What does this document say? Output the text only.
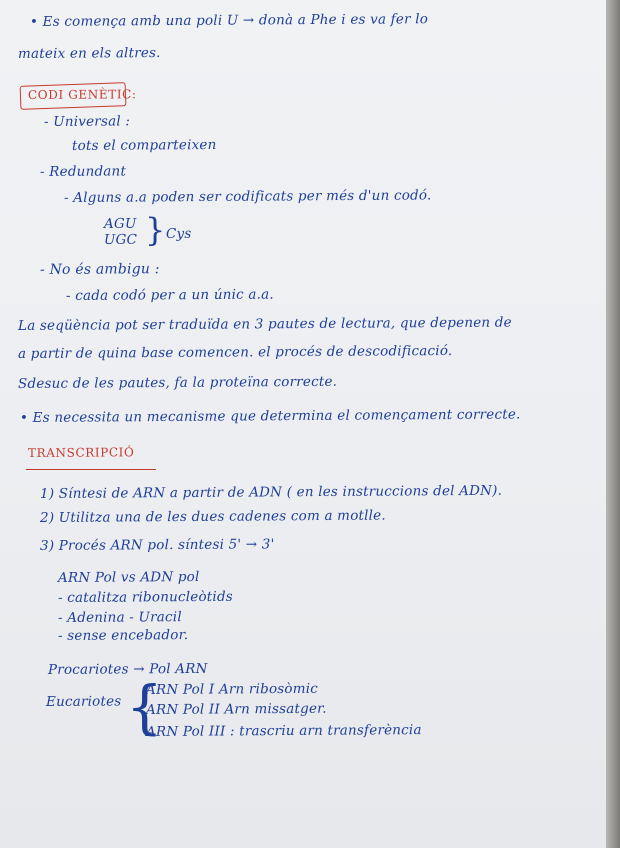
• Es comença amb una poli U → donà a Phe i es va fer lo
mateix en els altres.
CODI GENÈTIC:
- Universal :
tots el comparteixen
- Redundant
- Alguns a.a poden ser codificats per més d'un codó.
AGU
UGC } Cys
- No és ambigu :
- cada codó per a un únic a.a.
La seqüència pot ser traduïda en 3 pautes de lectura, que depenen de
a partir de quina base comencen. el procés de descodificació.
Sdesuc de les pautes, fa la proteïna correcte.
• Es necessita un mecanisme que determina el començament correcte.
TRANSCRIPCIÓ
1) Síntesi de ARN a partir de ADN ( en les instruccions del ADN).
2) Utilitza una de les dues cadenes com a motlle.
3) Procés ARN pol. síntesi 5' → 3'
ARN Pol vs ADN pol
- catalitza ribonucleòtids
- Adenina - Uracil
- sense encebador.
Procariotes → Pol ARN
Eucariotes {
ARN Pol I Arn ribosòmic
ARN Pol II Arn missatger.
ARN Pol III : trascriu arn transferència
